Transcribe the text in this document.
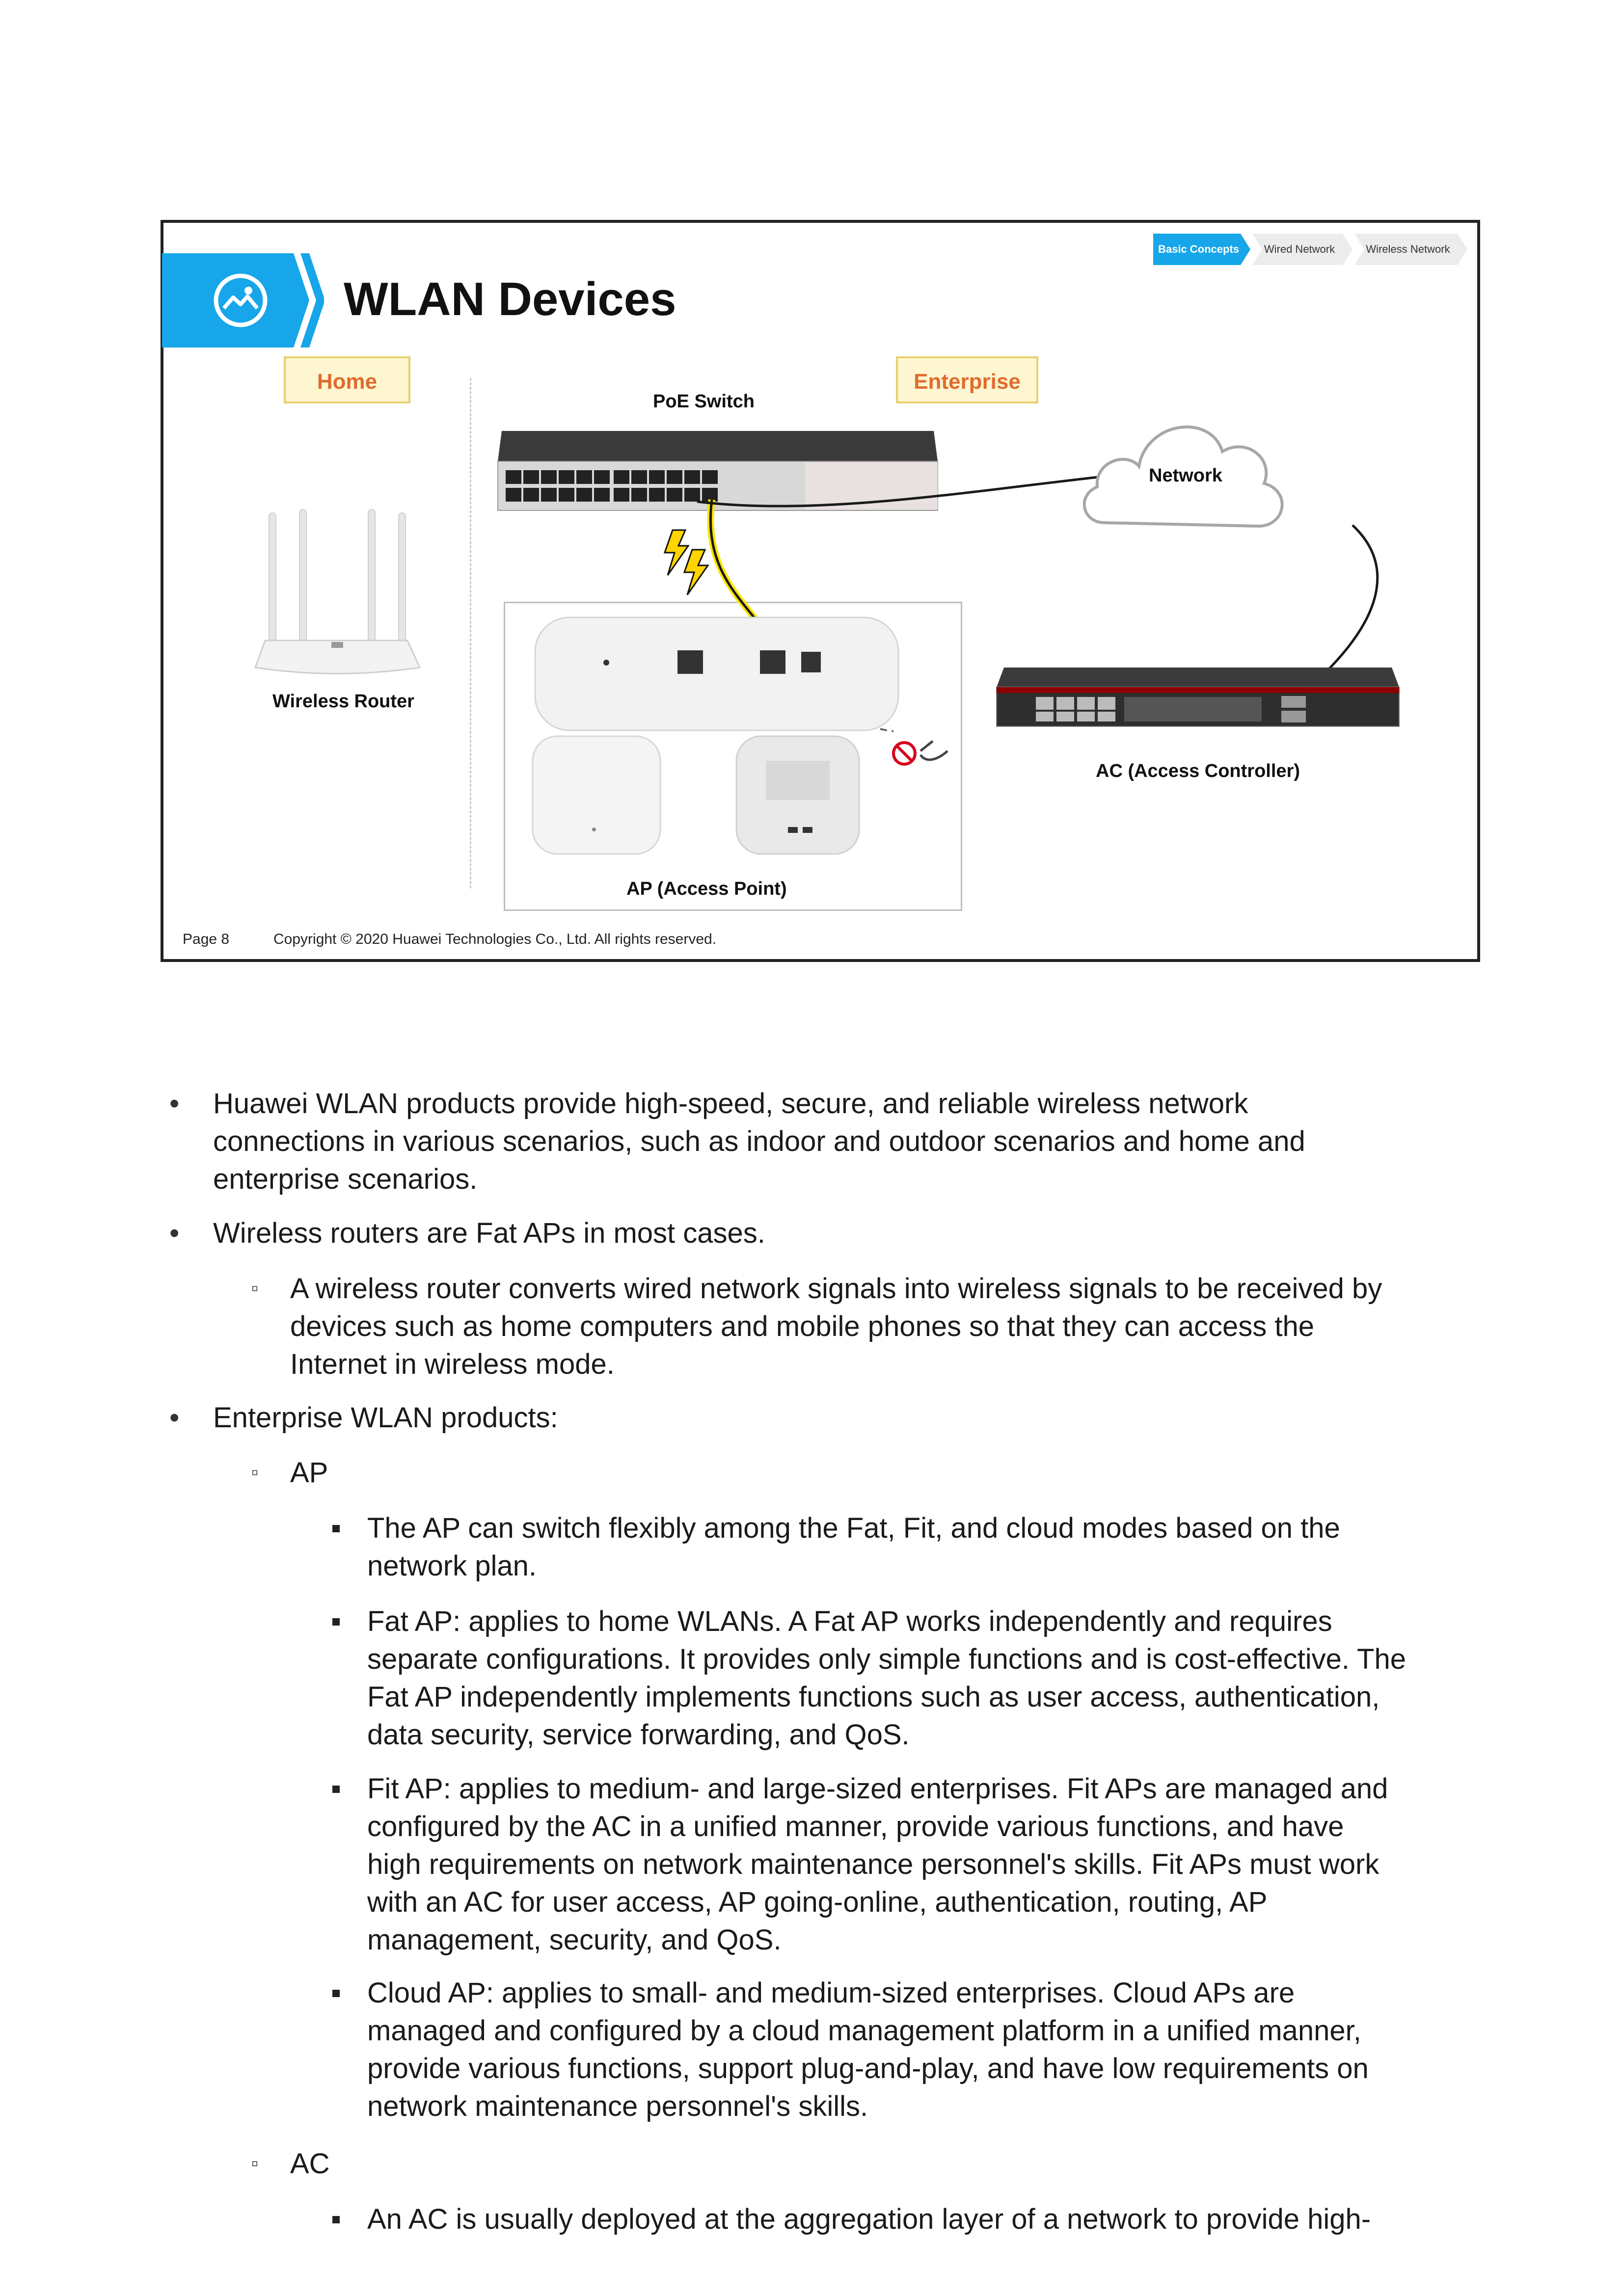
WLAN Devices
Basic Concepts	Wired Network	Wireless Network
Home	Enterprise
PoE Switch
Network
Wireless Router
AC (Access Controller)
AP (Access Point)
Page 8	Copyright © 2020 Huawei Technologies Co., Ltd. All rights reserved.
• Huawei WLAN products provide high-speed, secure, and reliable wireless network
connections in various scenarios, such as indoor and outdoor scenarios and home and
enterprise scenarios.
• Wireless routers are Fat APs in most cases.
▫ A wireless router converts wired network signals into wireless signals to be received by
devices such as home computers and mobile phones so that they can access the
Internet in wireless mode.
• Enterprise WLAN products:
▫ AP
The AP can switch flexibly among the Fat, Fit, and cloud modes based on the
network plan.
Fat AP: applies to home WLANs. A Fat AP works independently and requires
separate configurations. It provides only simple functions and is cost-effective. The
Fat AP independently implements functions such as user access, authentication,
data security, service forwarding, and QoS.
Fit AP: applies to medium- and large-sized enterprises. Fit APs are managed and
configured by the AC in a unified manner, provide various functions, and have
high requirements on network maintenance personnel's skills. Fit APs must work
with an AC for user access, AP going-online, authentication, routing, AP
management, security, and QoS.
Cloud AP: applies to small- and medium-sized enterprises. Cloud APs are
managed and configured by a cloud management platform in a unified manner,
provide various functions, support plug-and-play, and have low requirements on
network maintenance personnel's skills.
▫ AC
An AC is usually deployed at the aggregation layer of a network to provide high-
